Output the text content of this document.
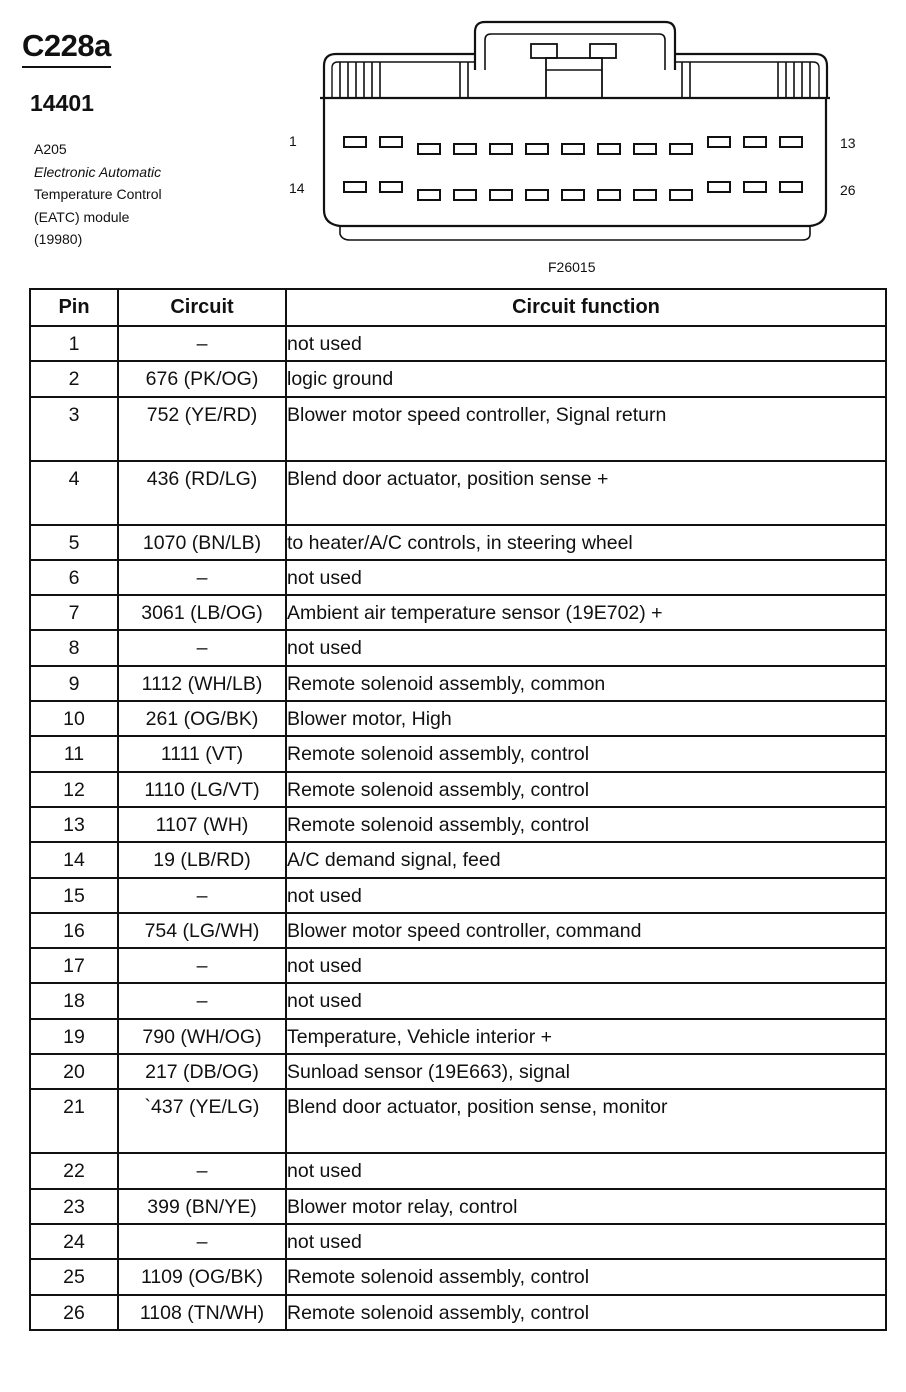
C228a
14401
A205
Electronic Automatic
Temperature Control
(EATC) module
(19980)
1	13
14	26
F26015
Pin	Circuit	Circuit function
1	–	not used
2	676 (PK/OG)	logic ground
3	752 (YE/RD)	Blower motor speed controller, Signal return
4	436 (RD/LG)	Blend door actuator, position sense +
5	1070 (BN/LB)	to heater/A/C controls, in steering wheel
6	–	not used
7	3061 (LB/OG)	Ambient air temperature sensor (19E702) +
8	–	not used
9	1112 (WH/LB)	Remote solenoid assembly, common
10	261 (OG/BK)	Blower motor, High
11	1111 (VT)	Remote solenoid assembly, control
12	1110 (LG/VT)	Remote solenoid assembly, control
13	1107 (WH)	Remote solenoid assembly, control
14	19 (LB/RD)	A/C demand signal, feed
15	–	not used
16	754 (LG/WH)	Blower motor speed controller, command
17	–	not used
18	–	not used
19	790 (WH/OG)	Temperature, Vehicle interior +
20	217 (DB/OG)	Sunload sensor (19E663), signal
21	`437 (YE/LG)	Blend door actuator, position sense, monitor
22	–	not used
23	399 (BN/YE)	Blower motor relay, control
24	–	not used
25	1109 (OG/BK)	Remote solenoid assembly, control
26	1108 (TN/WH)	Remote solenoid assembly, control
